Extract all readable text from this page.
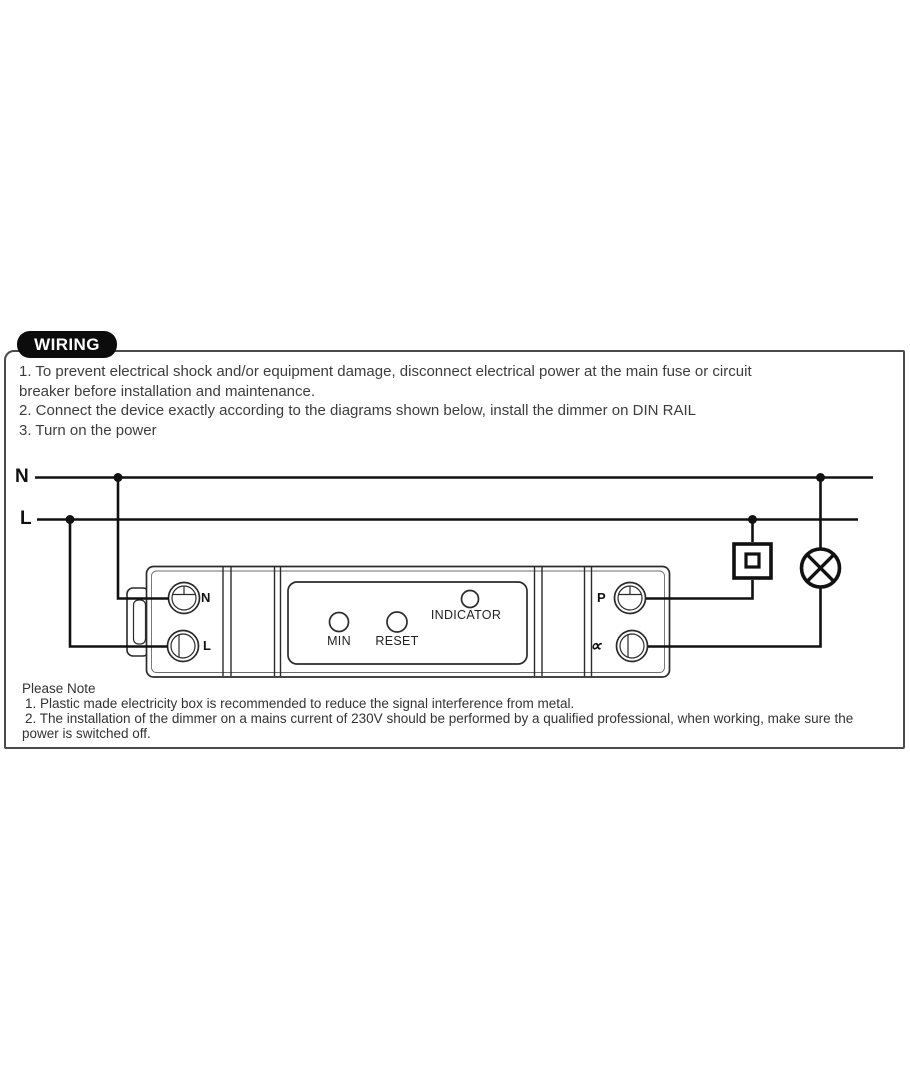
WIRING
1. To prevent electrical shock and/or equipment damage, disconnect electrical power at the main fuse or circuit
breaker before installation and maintenance.
2. Connect the device exactly according to the diagrams shown below, install the dimmer on DIN RAIL
3. Turn on the power
N
L
N
L
P
∝
MIN RESET
INDICATOR
Please Note
1. Plastic made electricity box is recommended to reduce the signal interference from metal.
2. The installation of the dimmer on a mains current of 230V should be performed by a qualified professional, when working, make sure the
power is switched off.
